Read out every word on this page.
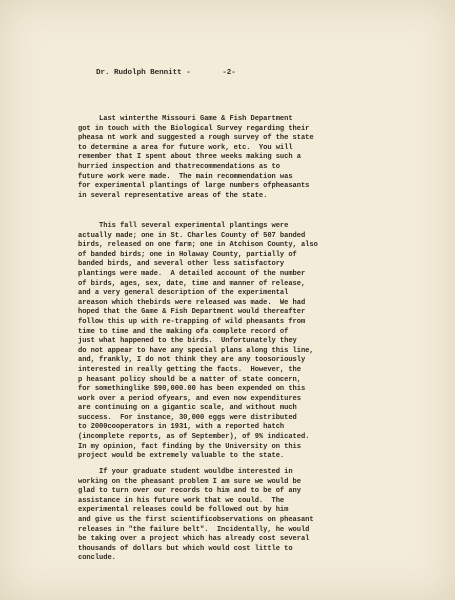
Dr. Rudolph Bennitt -       -2-
Last winterthe Missouri Game & Fish Department
got in touch with the Biological Survey regarding their
pheasa nt work and suggested a rough survey of the state
to determine a area for future work, etc.  You will
remember that I spent about three weeks making such a
hurried inspection and thatrecommendations as to
future work were made.  The main recommendation was
for experimental plantings of large numbers ofpheasants
in several representative areas of the state.
This fall several experimental plantings were
actually made; one in St. Charles County of 507 banded
birds, released on one farm; one in Atchison County, also
of banded birds; one in Holaway County, partially of
banded birds, and several other less satisfactory
plantings were made.  A detailed account of the number
of birds, ages, sex, date, time and manner of release,
and a very general description of the experimental
areason which thebirds were released was made.  We had
hoped that the Game & Fish Department would thereafter
follow this up with re-trapping of wild pheasants from
time to time and the making ofa complete record of
just what happened to the birds.  Unfortunately they
do not appear to have any special plans along this line,
and, frankly, I do not think they are any toosoriously
interested in really getting the facts.  However, the
p heasant policy should be a matter of state concern,
for somethinglike $90,000.00 has been expended on this
work over a period ofyears, and even now expenditures
are continuing on a gigantic scale, and without much
success.  For instance, 30,000 eggs were distributed
to 2000cooperators in 1931, with a reported hatch
(incomplete reports, as of September), of 9% indicated.
In my opinion, fact finding by the University on this
project would be extremely valuable to the state.
If your graduate student wouldbe interested in
working on the pheasant problem I am sure we would be
glad to turn over our records to him and to be of any
assistance in his future work that we could.  The
experimental releases could be followed out by him
and give us the first scientificobservations on pheasant
releases in "the failure belt".  Incidentally, he would
be taking over a project which has already cost several
thousands of dollars but which would cost little to
conclude.
